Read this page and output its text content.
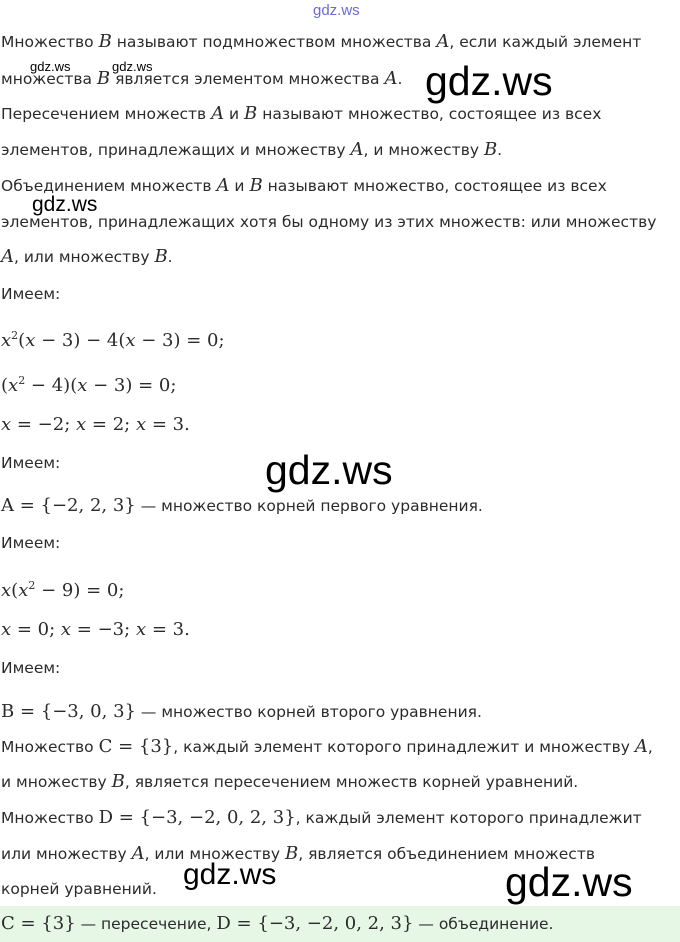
gdz.ws
Множество B называют подмножеством множества A, если каждый элемент
gdz.ws	gdz.ws
множества B является элементом множества A. gdz.ws
Пересечением множеств A и B называют множество, состоящее из всех
элементов, принадлежащих и множеству A, и множеству B.
Объединением множеств A и B называют множество, состоящее из всех
gdz.ws
элементов, принадлежащих хотя бы одному из этих множеств: или множеству
A, или множеству B.
Имеем:
$x^2(x - 3) - 4(x - 3) = 0$;
$(x^2 - 4)(x - 3) = 0$;
x = −2; x = 2; x = 3.
Имеем:	gdz.ws
A = {−2, 2, 3} — множество корней первого уравнения.
Имеем:
$x(x^2 - 9) = 0$;
x = 0; x = −3; x = 3.
Имеем:
B = {−3, 0, 3} — множество корней второго уравнения.
Множество C = {3}, каждый элемент которого принадлежит и множеству A,
и множеству B, является пересечением множеств корней уравнений.
Множество D = {−3, −2, 0, 2, 3}, каждый элемент которого принадлежит
или множеству A, или множеству B, является объединением множеств
gdz.ws
корней уравнений.	gdz.ws
C = {3} — пересечение, D = {−3, −2, 0, 2, 3} — объединение.
